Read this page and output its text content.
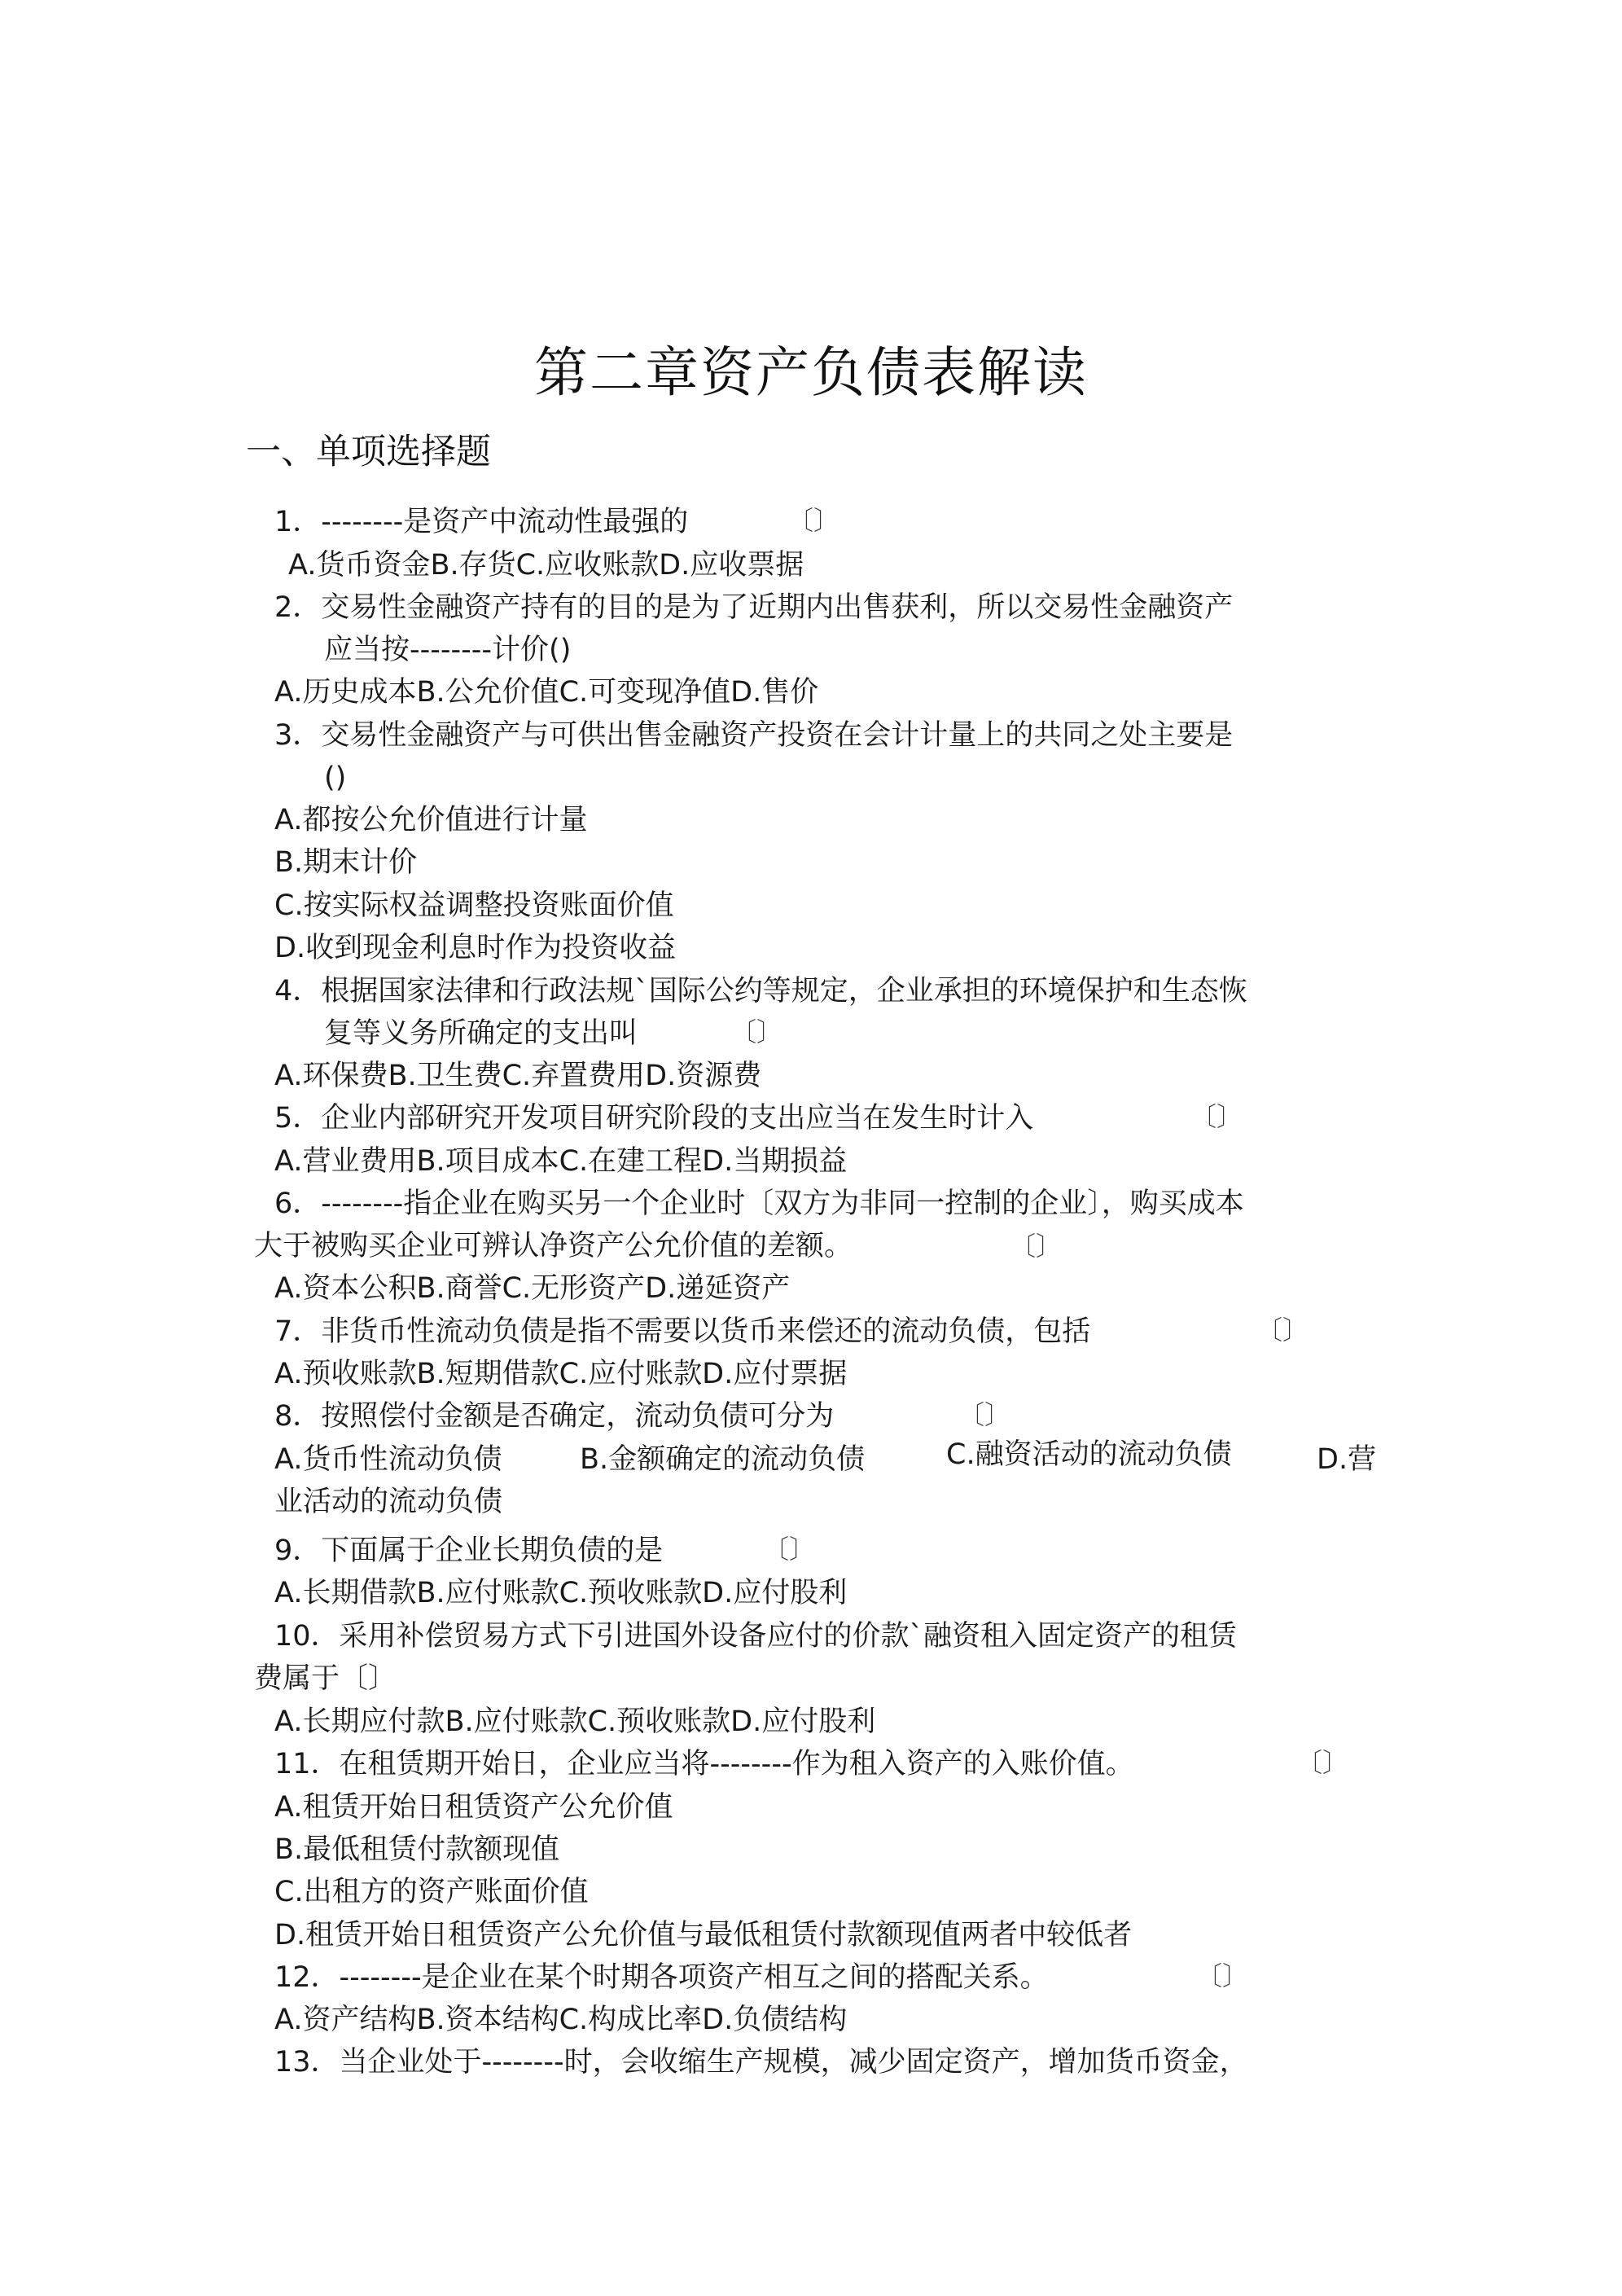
第二章资产负债表解读
一、单项选择题
1．--------是资产中流动性最强的
A.货币资金B.存货C.应收账款D.应收票据
2．交易性金融资产持有的目的是为了近期内出售获利，所以交易性金融资产
应当按--------计价()
A.历史成本B.公允价值C.可变现净值D.售价
3．交易性金融资产与可供出售金融资产投资在会计计量上的共同之处主要是
()
A.都按公允价值进行计量
B.期末计价
C.按实际权益调整投资账面价值
D.收到现金利息时作为投资收益
4．根据国家法律和行政法规`国际公约等规定，企业承担的环境保护和生态恢
复等义务所确定的支出叫
A.环保费B.卫生费C.弃置费用D.资源费
5．企业内部研究开发项目研究阶段的支出应当在发生时计入
A.营业费用B.项目成本C.在建工程D.当期损益
6．--------指企业在购买另一个企业时〔双方为非同一控制的企业〕，购买成本
大于被购买企业可辨认净资产公允价值的差额。
A.资本公积B.商誉C.无形资产D.递延资产
7．非货币性流动负债是指不需要以货币来偿还的流动负债，包括
A.预收账款B.短期借款C.应付账款D.应付票据
8．按照偿付金额是否确定，流动负债可分为
A.货币性流动负债	B.金额确定的流动负债	C.融资活动的流动负债	D.营
业活动的流动负债
9．下面属于企业长期负债的是
A.长期借款B.应付账款C.预收账款D.应付股利
10．采用补偿贸易方式下引进国外设备应付的价款`融资租入固定资产的租赁
费属于〔〕
A.长期应付款B.应付账款C.预收账款D.应付股利
11．在租赁期开始日，企业应当将--------作为租入资产的入账价值。
A.租赁开始日租赁资产公允价值
B.最低租赁付款额现值
C.出租方的资产账面价值
D.租赁开始日租赁资产公允价值与最低租赁付款额现值两者中较低者
12．--------是企业在某个时期各项资产相互之间的搭配关系。
A.资产结构B.资本结构C.构成比率D.负债结构
13．当企业处于--------时，会收缩生产规模，减少固定资产，增加货币资金，
〔〕
〔〕
〔〕
〔〕
〔〕
〔〕
〔〕
〔〕
〔〕
